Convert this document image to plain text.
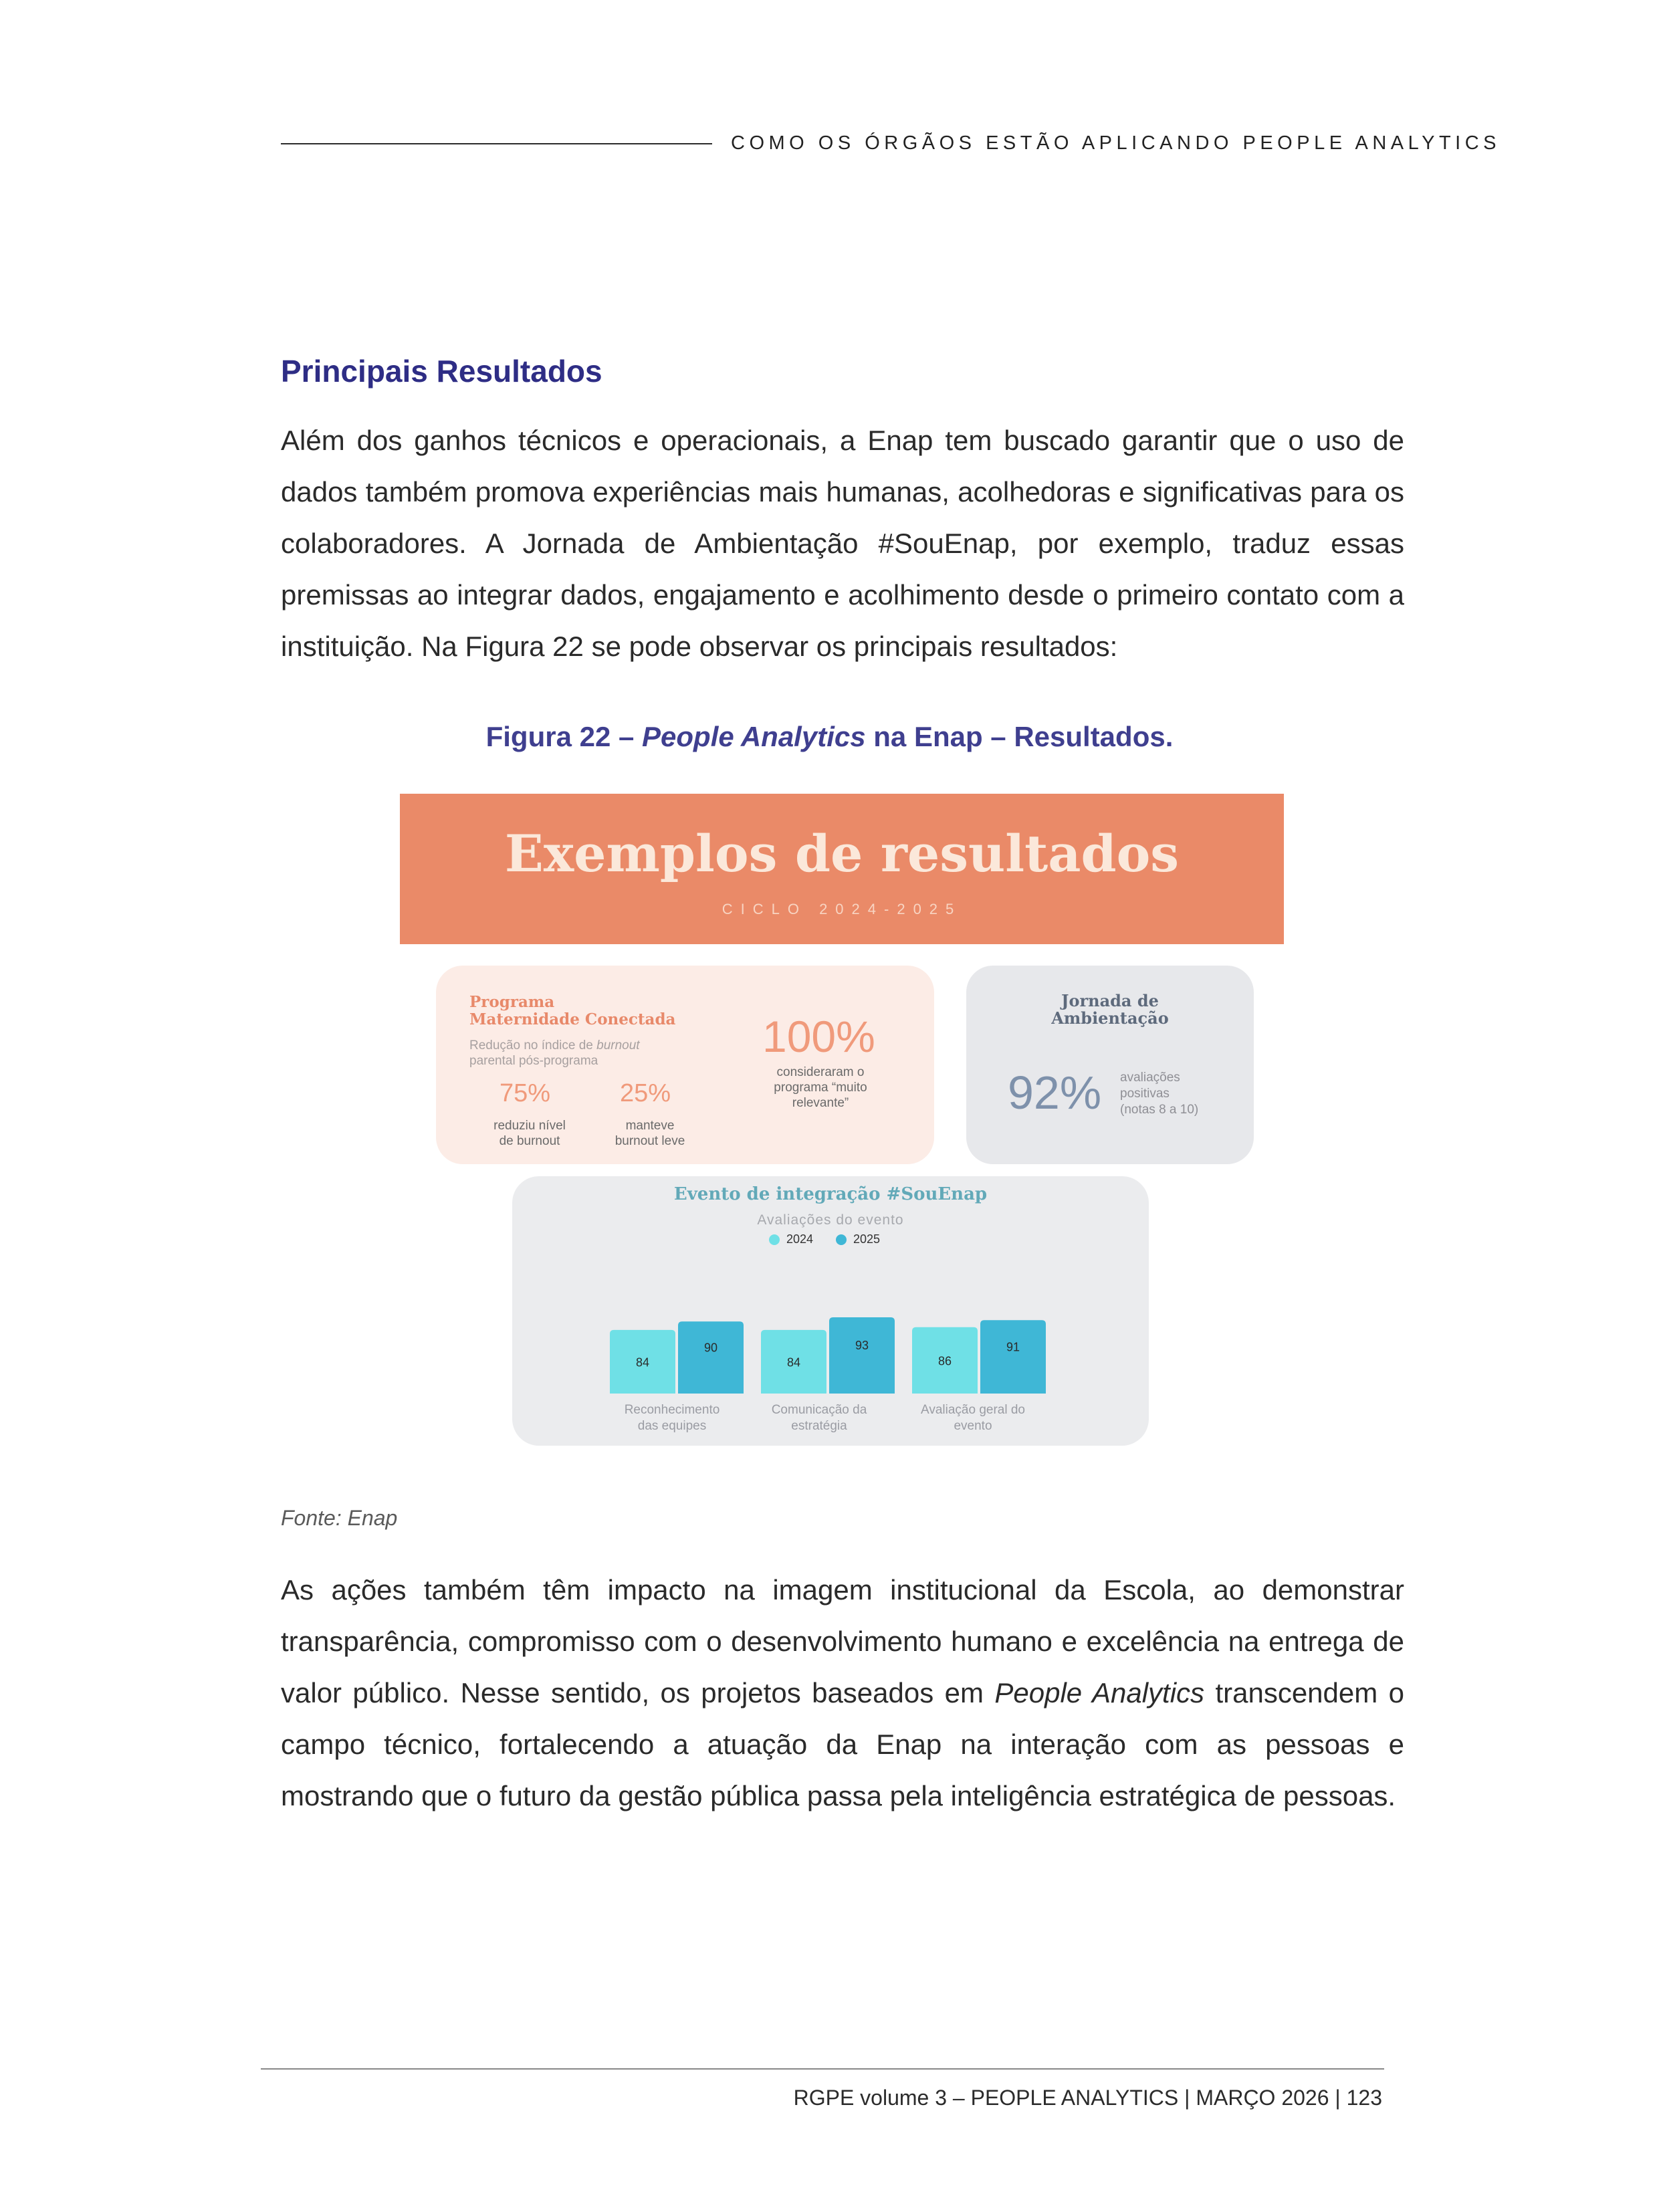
COMO OS ÓRGÃOS ESTÃO APLICANDO PEOPLE ANALYTICS
Principais Resultados

Além dos ganhos técnicos e operacionais, a Enap tem buscado garantir que o uso de dados também promova experiências mais humanas, acolhedoras e significativas para os colaboradores. A Jornada de Ambientação #SouEnap, por exemplo, traduz essas premissas ao integrar dados, engajamento e acolhimento desde o primeiro contato com a instituição. Na Figura 22 se pode observar os principais resultados:

Figura 22 – People Analytics na Enap – Resultados.
Exemplos de resultados
CICLO 2024-2025
Programa
Maternidade Conectada
Redução no índice de burnout
parental pós-programa
75%
reduziu nível
de burnout
25%
manteve
burnout leve
100%
consideraram o
programa “muito
relevante”
Jornada de
Ambientação
92% avaliações
positivas
(notas 8 a 10)
Evento de integração #SouEnap
Avaliações do evento
2024	2025
84	84	86
90	93	91
Reconhecimento
das equipes
Comunicação da
estratégia
Avaliação geral do
evento
Fonte: Enap

As ações também têm impacto na imagem institucional da Escola, ao demonstrar transparência, compromisso com o desenvolvimento humano e excelência na entrega de valor público. Nesse sentido, os projetos baseados em People Analytics transcendem o campo técnico, fortalecendo a atuação da Enap na interação com as pessoas e mostrando que o futuro da gestão pública passa pela inteligência estratégica de pessoas.

RGPE volume 3 – PEOPLE ANALYTICS | MARÇO 2026 | 123
